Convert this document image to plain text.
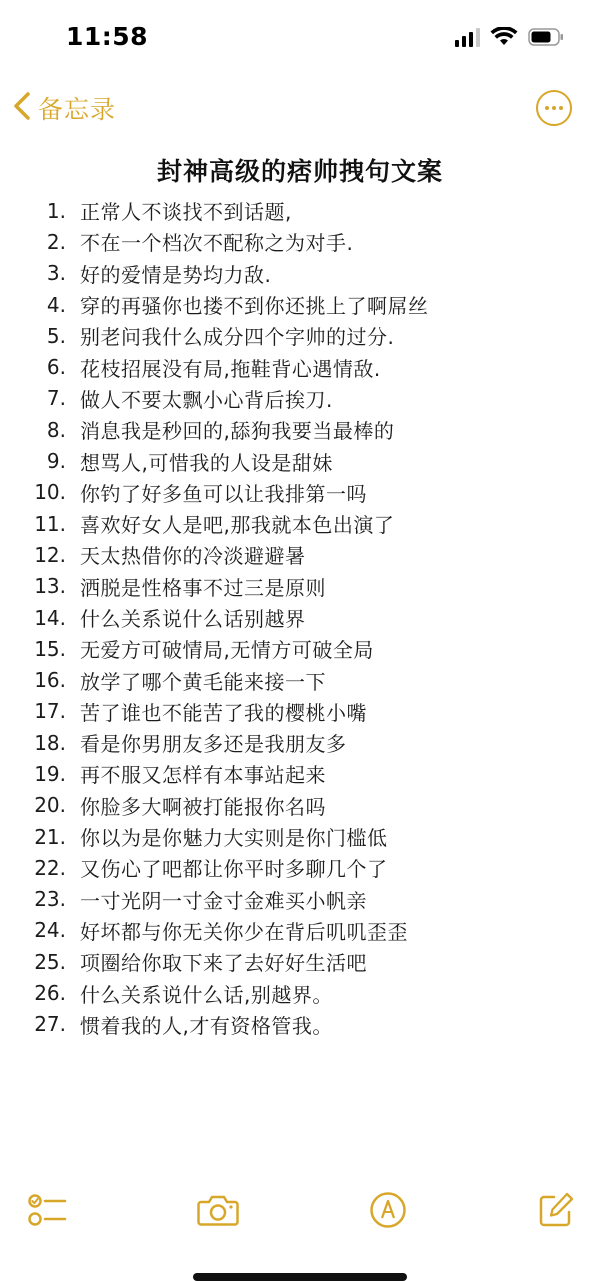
11:58
备忘录
封神高级的痞帅拽句文案
1. 正常人不谈找不到话题,
2. 不在一个档次不配称之为对手.
3. 好的爱情是势均力敌.
4. 穿的再骚你也搂不到你还挑上了啊屌丝
5. 别老问我什么成分四个字帅的过分.
6. 花枝招展没有局,拖鞋背心遇情敌.
7. 做人不要太飘小心背后挨刀.
8. 消息我是秒回的,舔狗我要当最棒的
9. 想骂人,可惜我的人设是甜妹
10. 你钓了好多鱼可以让我排第一吗
11. 喜欢好女人是吧,那我就本色出演了
12. 天太热借你的冷淡避避暑
13. 洒脱是性格事不过三是原则
14. 什么关系说什么话别越界
15. 无爱方可破情局,无情方可破全局
16. 放学了哪个黄毛能来接一下
17. 苦了谁也不能苦了我的樱桃小嘴
18. 看是你男朋友多还是我朋友多
19. 再不服又怎样有本事站起来
20. 你脸多大啊被打能报你名吗
21. 你以为是你魅力大实则是你门槛低
22. 又伤心了吧都让你平时多聊几个了
23. 一寸光阴一寸金寸金难买小帆亲
24. 好坏都与你无关你少在背后叽叽歪歪
25. 项圈给你取下来了去好好生活吧
26. 什么关系说什么话,别越界。
27. 惯着我的人,才有资格管我。
